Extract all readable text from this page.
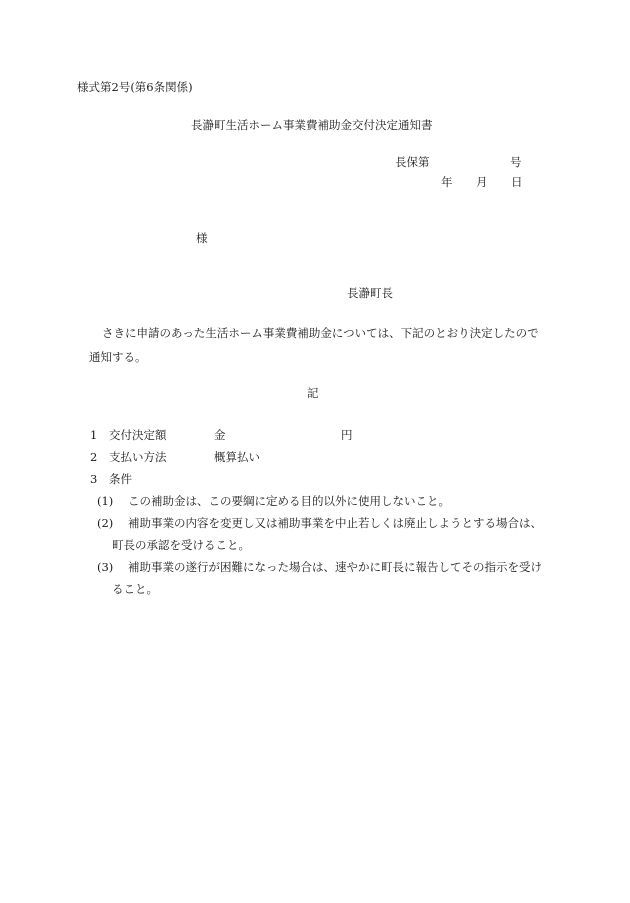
様式第2号(第6条関係)
長瀞町生活ホーム事業費補助金交付決定通知書
長保第	号
年 月 日
様
長瀞町長
さきに申請のあった生活ホーム事業費補助金については、下記のとおり決定したので
通知する。
記
1 交付決定額	金	円
2 支払い方法	概算払い
3 条件
(1) この補助金は、この要綱に定める目的以外に使用しないこと。
(2) 補助事業の内容を変更し又は補助事業を中止若しくは廃止しようとする場合は、
町長の承認を受けること。
(3) 補助事業の遂行が困難になった場合は、速やかに町長に報告してその指示を受け
ること。
